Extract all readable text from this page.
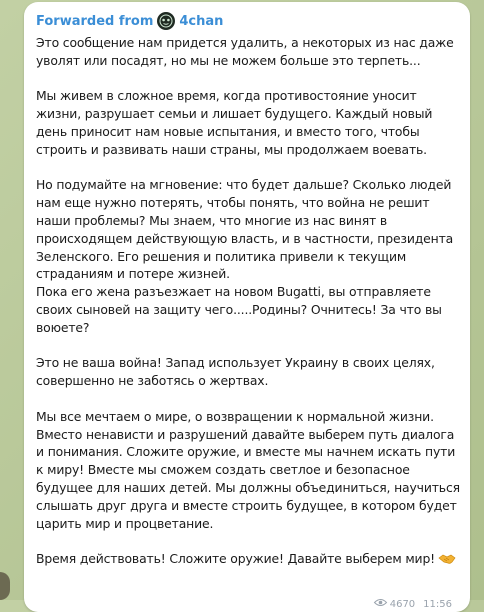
Forwarded from 4chan

Это сообщение нам придется удалить, а некоторых из нас даже уволят или посадят, но мы не можем больше это терпеть...

Мы живем в сложное время, когда противостояние уносит жизни, разрушает семьи и лишает будущего. Каждый новый день приносит нам новые испытания, и вместо того, чтобы строить и развивать наши страны, мы продолжаем воевать.

Но подумайте на мгновение: что будет дальше? Сколько людей нам еще нужно потерять, чтобы понять, что война не решит наши проблемы? Мы знаем, что многие из нас винят в происходящем действующую власть, и в частности, президента Зеленского. Его решения и политика привели к текущим страданиям и потере жизней.

Пока его жена разъезжает на новом Bugatti, вы отправляете своих сыновей на защиту чего.....Родины? Очнитесь! За что вы воюете?

Это не ваша война! Запад использует Украину в своих целях, совершенно не заботясь о жертвах.

Мы все мечтаем о мире, о возвращении к нормальной жизни. Вместо ненависти и разрушений давайте выберем путь диалога и понимания. Сложите оружие, и вместе мы начнем искать пути к миру! Вместе мы сможем создать светлое и безопасное будущее для наших детей. Мы должны объединиться, научиться слышать друг друга и вместе строить будущее, в котором будет царить мир и процветание.

Время действовать! Сложите оружие! Давайте выберем мир!
4670 11:56
